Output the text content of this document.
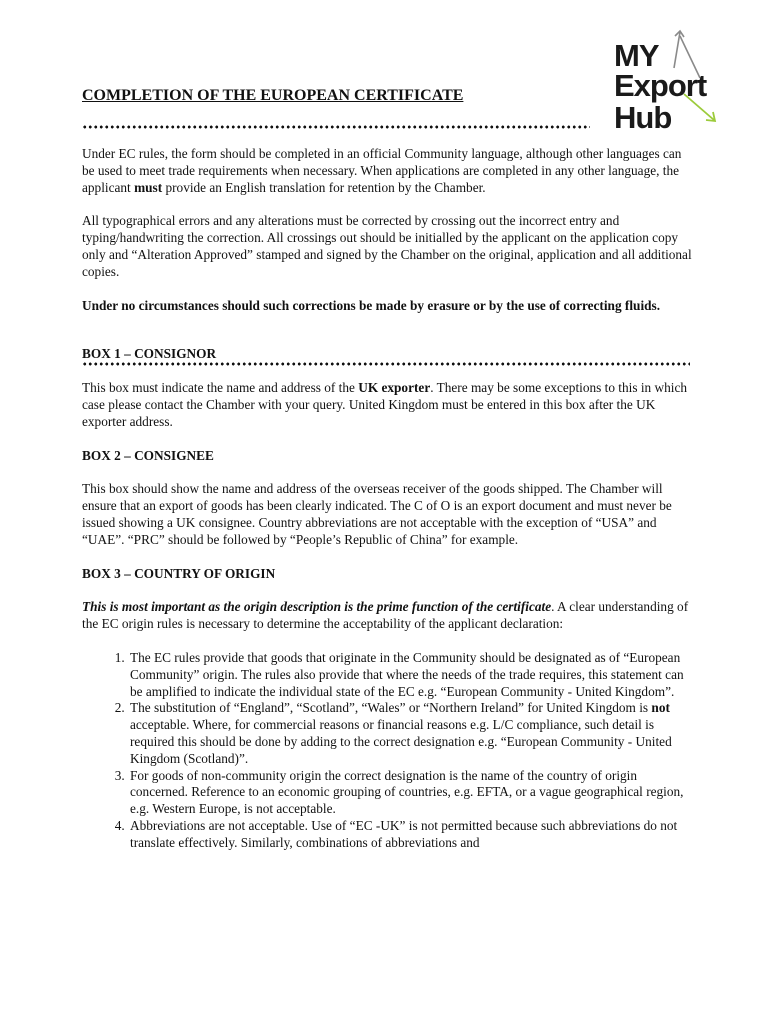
MY
Export
Hub
COMPLETION OF THE EUROPEAN CERTIFICATE

Under EC rules, the form should be completed in an official Community language, although other languages can be used to meet trade requirements when necessary. When applications are completed in any other language, the applicant must provide an English translation for retention by the Chamber.

All typographical errors and any alterations must be corrected by crossing out the incorrect entry and typing/handwriting the correction. All crossings out should be initialled by the applicant on the application copy only and “Alteration Approved” stamped and signed by the Chamber on the original, application and all additional copies.

Under no circumstances should such corrections be made by erasure or by the use of correcting fluids.

BOX 1 – CONSIGNOR

This box must indicate the name and address of the UK exporter. There may be some exceptions to this in which case please contact the Chamber with your query. United Kingdom must be entered in this box after the UK exporter address.

BOX 2 – CONSIGNEE

This box should show the name and address of the overseas receiver of the goods shipped. The Chamber will ensure that an export of goods has been clearly indicated. The C of O is an export document and must never be issued showing a UK consignee. Country abbreviations are not acceptable with the exception of “USA” and “UAE”. “PRC” should be followed by “People’s Republic of China” for example.

BOX 3 – COUNTRY OF ORIGIN

This is most important as the origin description is the prime function of the certificate. A clear understanding of the EC origin rules is necessary to determine the acceptability of the applicant declaration:

1. The EC rules provide that goods that originate in the Community should be designated as of “European Community” origin. The rules also provide that where the needs of the trade requires, this statement can be amplified to indicate the individual state of the EC e.g. “European Community - United Kingdom”.
2. The substitution of “England”, “Scotland”, “Wales” or “Northern Ireland” for United Kingdom is not acceptable. Where, for commercial reasons or financial reasons e.g. L/C compliance, such detail is required this should be done by adding to the correct designation e.g. “European Community - United Kingdom (Scotland)”.
3. For goods of non-community origin the correct designation is the name of the country of origin concerned. Reference to an economic grouping of countries, e.g. EFTA, or a vague geographical region, e.g. Western Europe, is not acceptable.
4. Abbreviations are not acceptable. Use of “EC -UK” is not permitted because such abbreviations do not translate effectively. Similarly, combinations of abbreviations and
